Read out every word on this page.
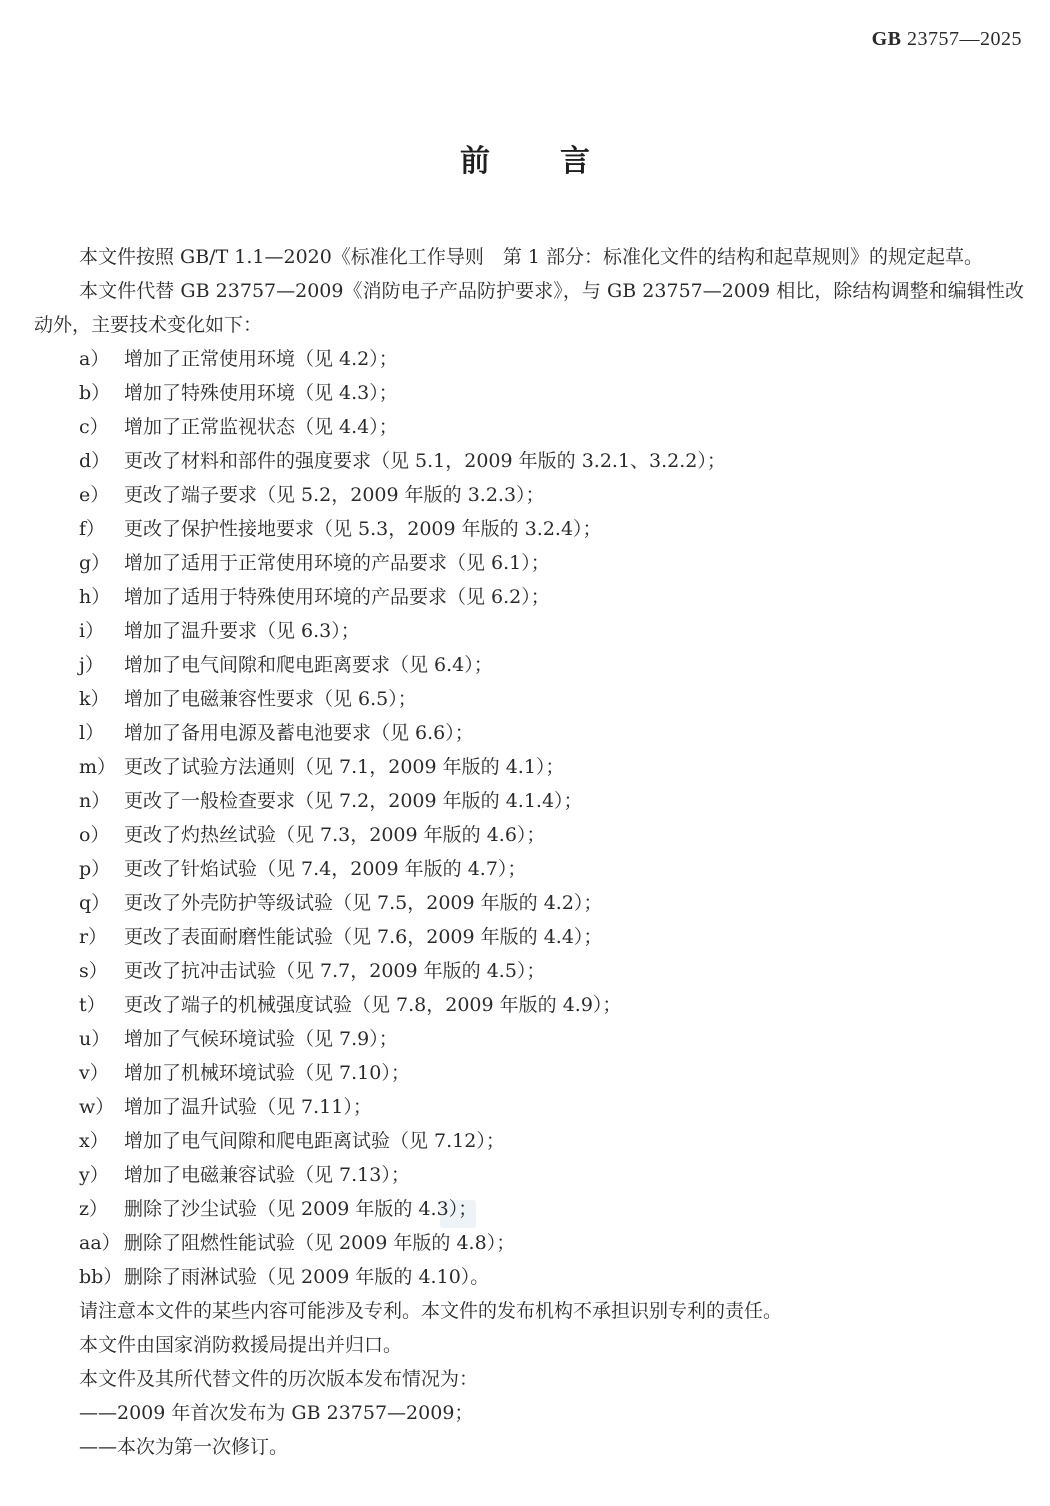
GB 23757—2025
前言

本文件按照 GB/T 1.1—2020《标准化工作导则　第 1 部分：标准化文件的结构和起草规则》的规定起草。

本文件代替 GB 23757—2009《消防电子产品防护要求》，与 GB 23757—2009 相比，除结构调整和编辑性改动外，主要技术变化如下：

a） 增加了正常使用环境（见 4.2）；
b） 增加了特殊使用环境（见 4.3）；
c） 增加了正常监视状态（见 4.4）；
d） 更改了材料和部件的强度要求（见 5.1，2009 年版的 3.2.1、3.2.2）；
e） 更改了端子要求（见 5.2，2009 年版的 3.2.3）；
f） 更改了保护性接地要求（见 5.3，2009 年版的 3.2.4）；
g） 增加了适用于正常使用环境的产品要求（见 6.1）；
h） 增加了适用于特殊使用环境的产品要求（见 6.2）；
i）	增加了温升要求（见 6.3）；
j）	增加了电气间隙和爬电距离要求（见 6.4）；
k） 增加了电磁兼容性要求（见 6.5）；
l）	增加了备用电源及蓄电池要求（见 6.6）；
m） 更改了试验方法通则（见 7.1，2009 年版的 4.1）；
n） 更改了一般检查要求（见 7.2，2009 年版的 4.1.4）；
o） 更改了灼热丝试验（见 7.3，2009 年版的 4.6）；
p） 更改了针焰试验（见 7.4，2009 年版的 4.7）；
q） 更改了外壳防护等级试验（见 7.5，2009 年版的 4.2）；
r） 更改了表面耐磨性能试验（见 7.6，2009 年版的 4.4）；
s） 更改了抗冲击试验（见 7.7，2009 年版的 4.5）；
t） 更改了端子的机械强度试验（见 7.8，2009 年版的 4.9）；
u） 增加了气候环境试验（见 7.9）；
v） 增加了机械环境试验（见 7.10）；
w） 增加了温升试验（见 7.11）；
x） 增加了电气间隙和爬电距离试验（见 7.12）；
y） 增加了电磁兼容试验（见 7.13）；
z） 删除了沙尘试验（见 2009 年版的 4.3）；
aa） 删除了阻燃性能试验（见 2009 年版的 4.8）；
bb） 删除了雨淋试验（见 2009 年版的 4.10）。

请注意本文件的某些内容可能涉及专利。本文件的发布机构不承担识别专利的责任。

本文件由国家消防救援局提出并归口。

本文件及其所代替文件的历次版本发布情况为：

——2009 年首次发布为 GB 23757—2009；

——本次为第一次修订。
